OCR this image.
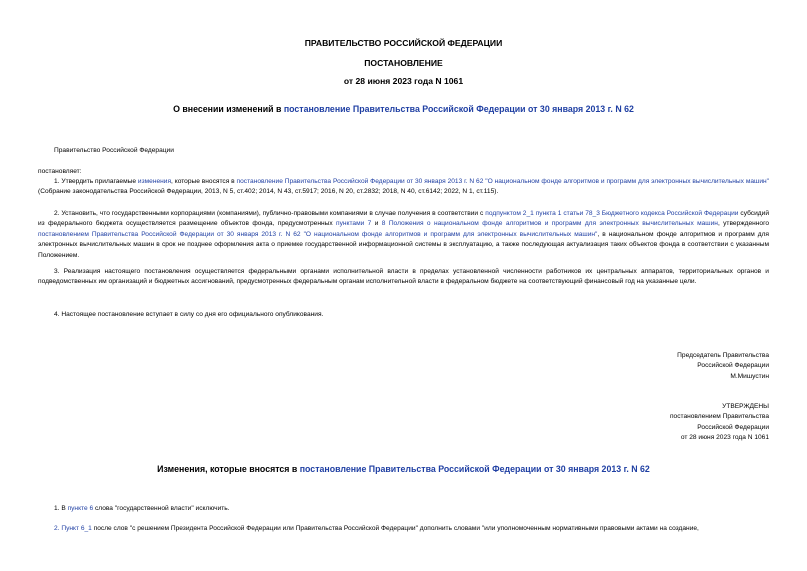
ПРАВИТЕЛЬСТВО РОССИЙСКОЙ ФЕДЕРАЦИИ
ПОСТАНОВЛЕНИЕ
от 28 июня 2023 года N 1061
О внесении изменений в постановление Правительства Российской Федерации от 30 января 2013 г. N 62
Правительство Российской Федерации
постановляет:
1. Утвердить прилагаемые изменения, которые вносятся в постановление Правительства Российской Федерации от 30 января 2013 г. N 62 "О национальном фонде алгоритмов и программ для электронных вычислительных машин" (Собрание законодательства Российской Федерации, 2013, N 5, ст.402; 2014, N 43, ст.5917; 2016, N 20, ст.2832; 2018, N 40, ст.6142; 2022, N 1, ст.115).
2. Установить, что государственными корпорациями (компаниями), публично-правовыми компаниями в случае получения в соответствии с подпунктом 2_1 пункта 1 статьи 78_3 Бюджетного кодекса Российской Федерации субсидий из федерального бюджета осуществляется размещение объектов фонда, предусмотренных пунктами 7 и 8 Положения о национальном фонде алгоритмов и программ для электронных вычислительных машин, утвержденного постановлением Правительства Российской Федерации от 30 января 2013 г. N 62 "О национальном фонде алгоритмов и программ для электронных вычислительных машин", в национальном фонде алгоритмов и программ для электронных вычислительных машин в срок не позднее оформления акта о приемке государственной информационной системы в эксплуатацию, а также последующая актуализация таких объектов фонда в соответствии с указанным Положением.
3. Реализация настоящего постановления осуществляется федеральными органами исполнительной власти в пределах установленной численности работников их центральных аппаратов, территориальных органов и подведомственных им организаций и бюджетных ассигнований, предусмотренных федеральным органам исполнительной власти в федеральном бюджете на соответствующий финансовый год на указанные цели.
4. Настоящее постановление вступает в силу со дня его официального опубликования.
Председатель Правительства
Российской Федерации
М.Мишустин
УТВЕРЖДЕНЫ
постановлением Правительства
Российской Федерации
от 28 июня 2023 года N 1061
Изменения, которые вносятся в постановление Правительства Российской Федерации от 30 января 2013 г. N 62
1. В пункте 6 слова "государственной власти" исключить.
2. Пункт 6_1 после слов "с решением Президента Российской Федерации или Правительства Российской Федерации" дополнить словами "или уполномоченным нормативными правовыми актами на создание,
